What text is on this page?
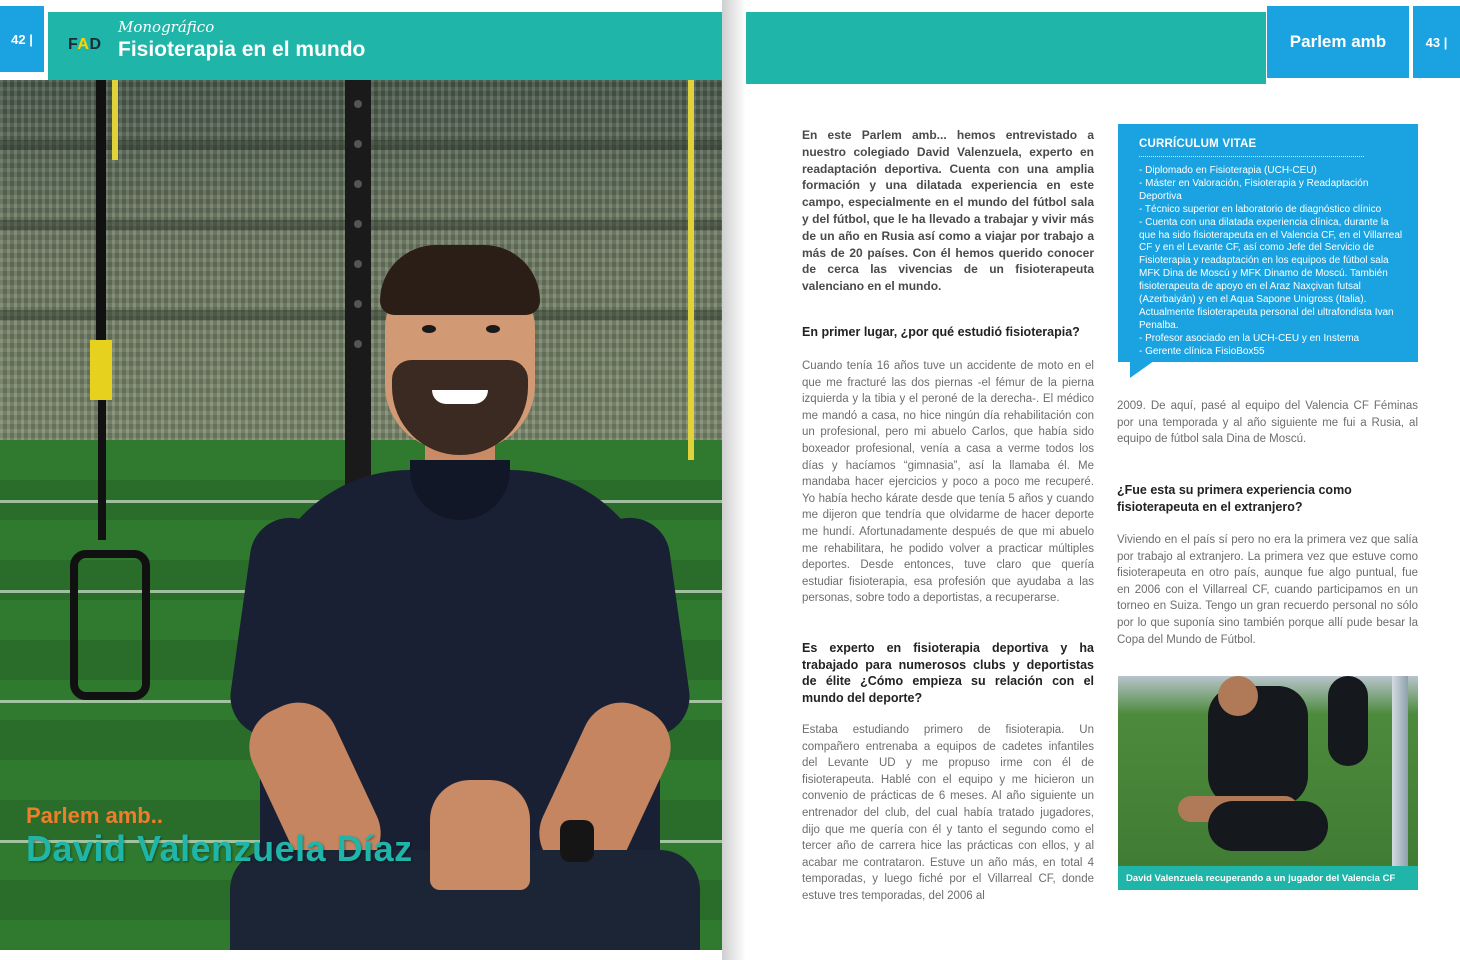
Parlem amb..
David Valenzuela Díaz
42 |	FAD
Monográfico
Fisioterapia en el mundo	Parlem amb	43 |
En este Parlem amb... hemos entrevistado a nuestro colegiado David Valenzuela, experto en readaptación deportiva. Cuenta con una amplia formación y una dilatada experiencia en este campo, especialmente en el mundo del fútbol sala y del fútbol, que le ha llevado a trabajar y vivir más de un año en Rusia así como a viajar por trabajo a más de 20 países. Con él hemos querido conocer de cerca las vivencias de un fisioterapeuta valenciano en el mundo.
En primer lugar, ¿por qué estudió fisioterapia?
Cuando tenía 16 años tuve un accidente de moto en el que me fracturé las dos piernas -el fémur de la pierna izquierda y la tibia y el peroné de la derecha-. El médico me mandó a casa, no hice ningún día rehabilitación con un profesional, pero mi abuelo Carlos, que había sido boxeador profesional, venía a casa a verme todos los días y hacíamos “gimnasia”, así la llamaba él. Me mandaba hacer ejercicios y poco a poco me recuperé. Yo había hecho kárate desde que tenía 5 años y cuando me dijeron que tendría que olvidarme de hacer deporte me hundí. Afortunadamente después de que mi abuelo me rehabilitara, he podido volver a practicar múltiples deportes. Desde entonces, tuve claro que quería estudiar fisioterapia, esa profesión que ayudaba a las personas, sobre todo a deportistas, a recuperarse.
Es experto en fisioterapia deportiva y ha trabajado para numerosos clubs y deportistas de élite ¿Cómo empieza su relación con el mundo del deporte?
Estaba estudiando primero de fisioterapia. Un compañero entrenaba a equipos de cadetes infantiles del Levante UD y me propuso irme con él de fisioterapeuta. Hablé con el equipo y me hicieron un convenio de prácticas de 6 meses. Al año siguiente un entrenador del club, del cual había tratado jugadores, dijo que me quería con él y tanto el segundo como el tercer año de carrera hice las prácticas con ellos, y al acabar me contrataron. Estuve un año más, en total 4 temporadas, y luego fiché por el Villarreal CF, donde estuve tres temporadas, del 2006 al
CURRÍCULUM VITAE
- Diplomado en Fisioterapia (UCH-CEU)
- Máster en Valoración, Fisioterapia y Readaptación Deportiva
- Técnico superior en laboratorio de diagnóstico clínico
- Cuenta con una dilatada experiencia clínica, durante la que ha sido fisioterapeuta en el Valencia CF, en el Villarreal CF y en el Levante CF, así como Jefe del Servicio de Fisioterapia y readaptación en los equipos de fútbol sala MFK Dina de Moscú y MFK Dinamo de Moscú. También fisioterapeuta de apoyo en el Araz Naxçivan futsal (Azerbaiyán) y en el Aqua Sapone Unigross (Italia). Actualmente fisioterapeuta personal del ultrafondista Ivan Penalba.
- Profesor asociado en la UCH-CEU y en Instema
- Gerente clínica FisioBox55
2009. De aquí, pasé al equipo del Valencia CF Féminas por una temporada y al año siguiente me fui a Rusia, al equipo de fútbol sala Dina de Moscú.
¿Fue esta su primera experiencia como fisioterapeuta en el extranjero?
Viviendo en el país sí pero no era la primera vez que salía por trabajo al extranjero. La primera vez que estuve como fisioterapeuta en otro país, aunque fue algo puntual, fue en 2006 con el Villarreal CF, cuando participamos en un torneo en Suiza. Tengo un gran recuerdo personal no sólo por lo que suponía sino también porque allí pude besar la Copa del Mundo de Fútbol.
David Valenzuela recuperando a un jugador del Valencia CF
